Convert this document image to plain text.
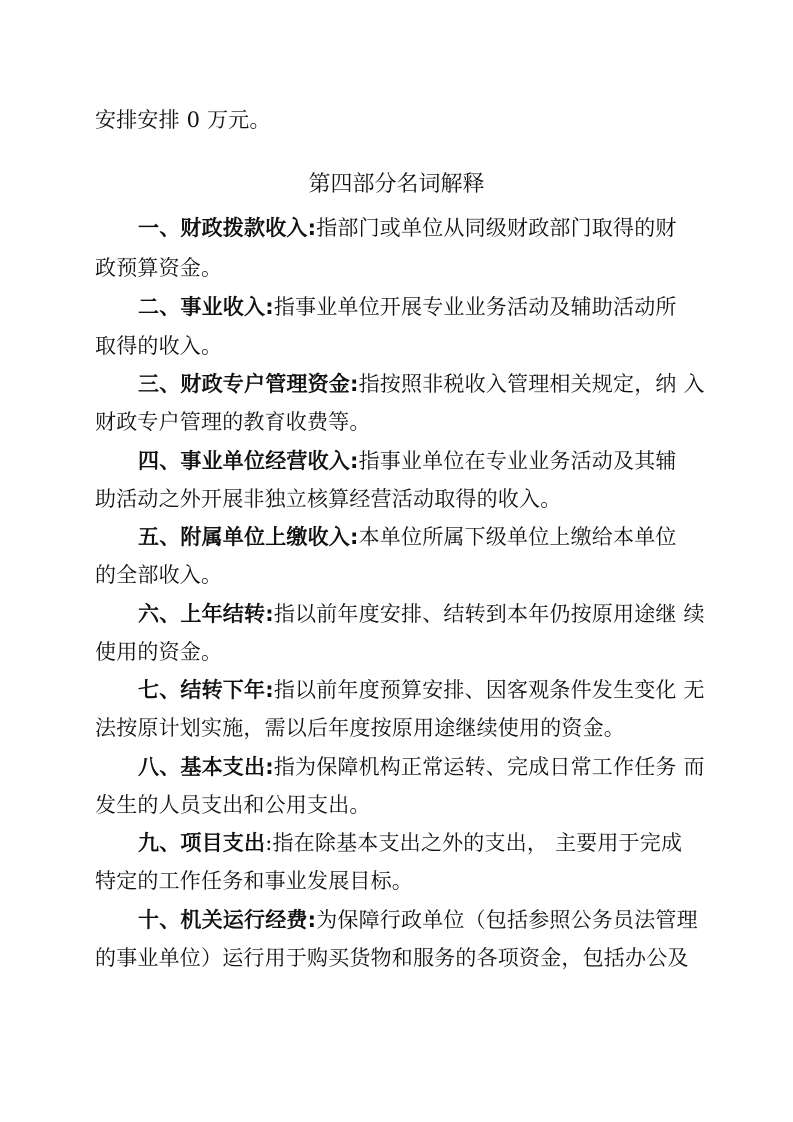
安排安排 0 万元。
第四部分名词解释
一、财政拨款收入:指部门或单位从同级财政部门取得的财
政预算资金。
二、事业收入:指事业单位开展专业业务活动及辅助活动所
取得的收入。
三、财政专户管理资金:指按照非税收入管理相关规定，纳 入
财政专户管理的教育收费等。
四、事业单位经营收入:指事业单位在专业业务活动及其辅
助活动之外开展非独立核算经营活动取得的收入。
五、附属单位上缴收入:本单位所属下级单位上缴给本单位
的全部收入。
六、上年结转:指以前年度安排、结转到本年仍按原用途继 续
使用的资金。
七、结转下年:指以前年度预算安排、因客观条件发生变化 无
法按原计划实施，需以后年度按原用途继续使用的资金。
八、基本支出:指为保障机构正常运转、完成日常工作任务 而
发生的人员支出和公用支出。
九、项目支出:指在除基本支出之外的支出， 主要用于完成
特定的工作任务和事业发展目标。
十、机关运行经费:为保障行政单位（包括参照公务员法管理
的事业单位）运行用于购买货物和服务的各项资金，包括办公及
